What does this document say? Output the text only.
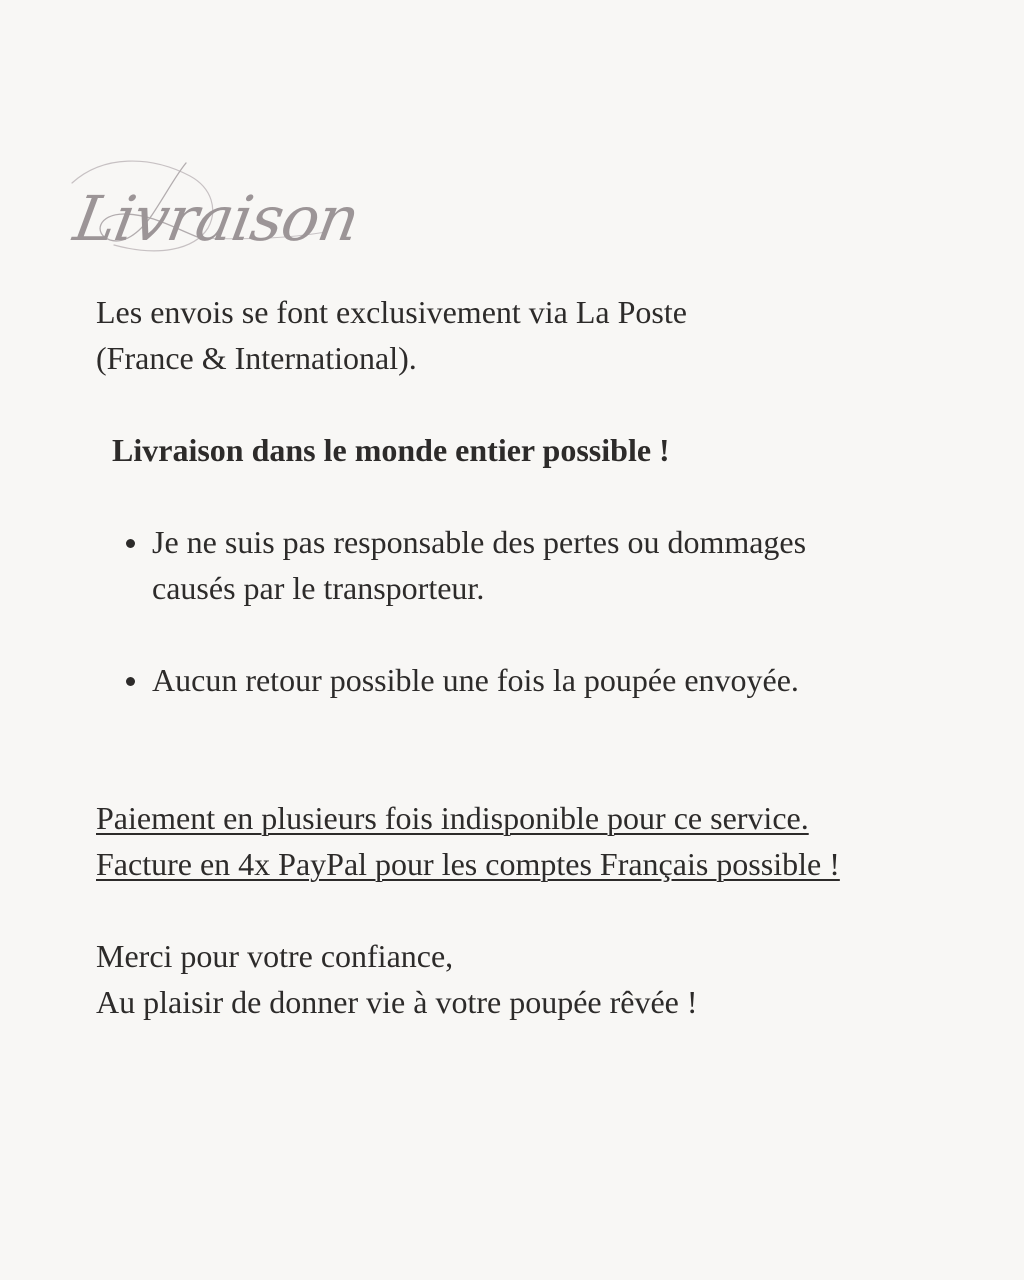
Livraison
Les envois se font exclusivement via La Poste
(France & International).
Livraison dans le monde entier possible !
Je ne suis pas responsable des pertes ou dommages
causés par le transporteur.
Aucun retour possible une fois la poupée envoyée.
Paiement en plusieurs fois indisponible pour ce service.
Facture en 4x PayPal pour les comptes Français possible !
Merci pour votre confiance,
Au plaisir de donner vie à votre poupée rêvée !
